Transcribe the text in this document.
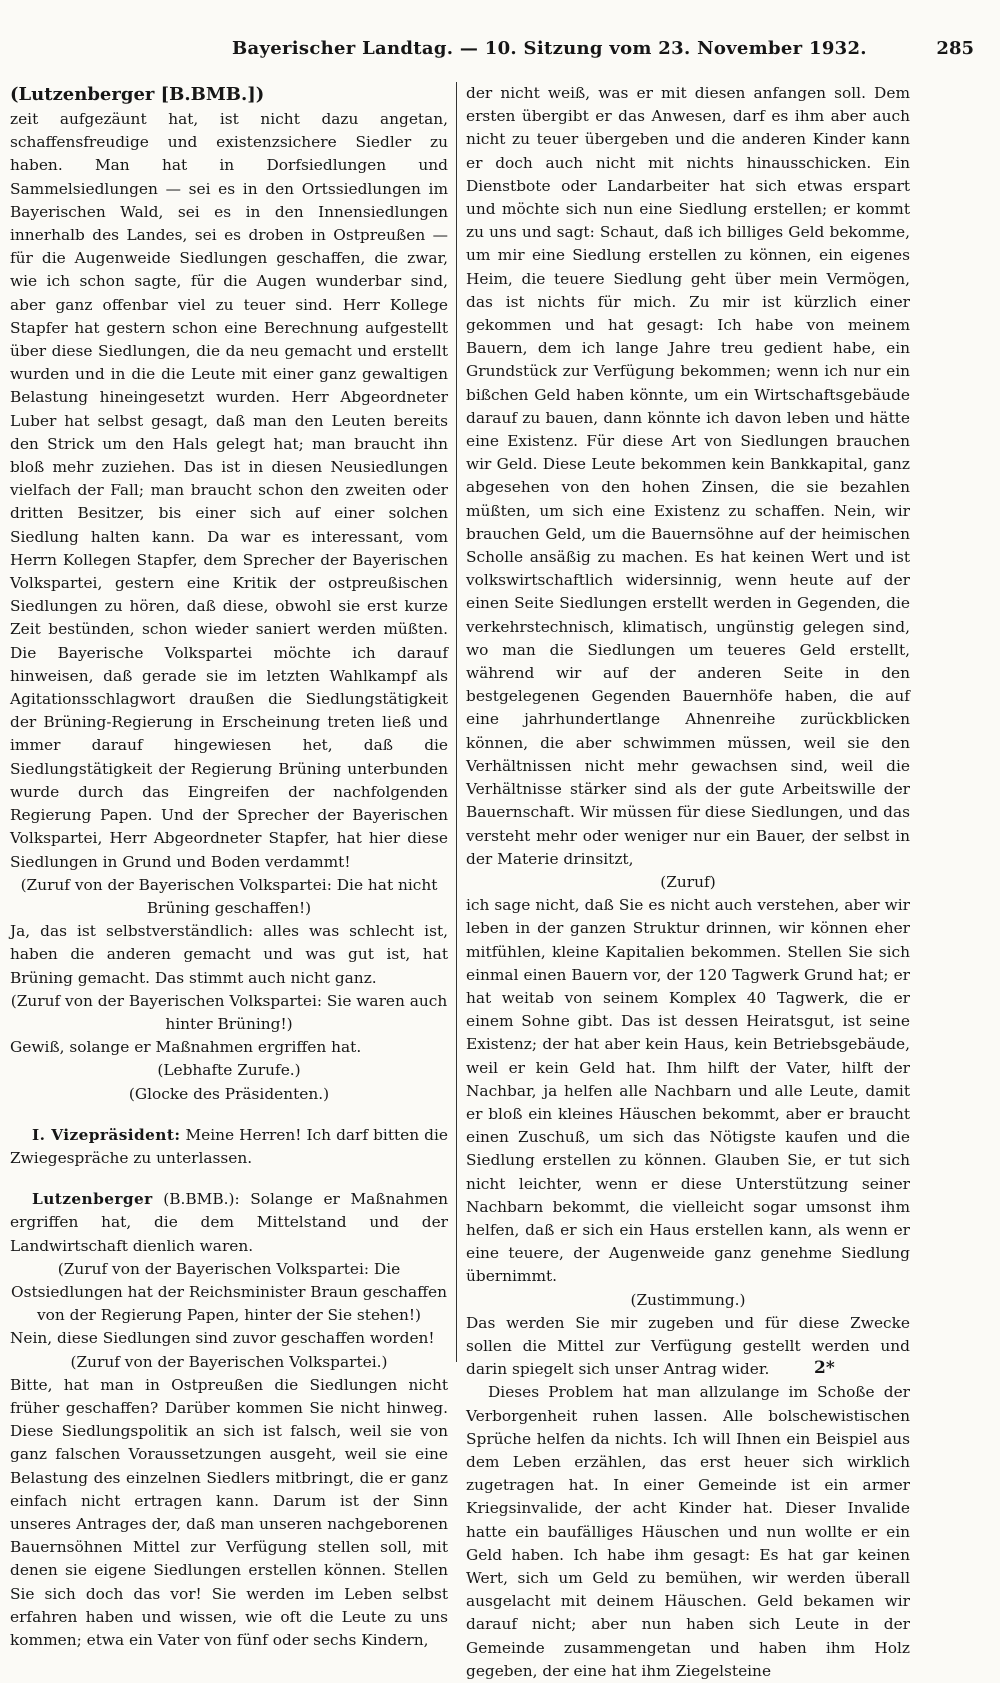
Bayerischer Landtag. — 10. Sitzung vom 23. November 1932.	285

(Lutzenberger [B.BMB.])

zeit aufgezäunt hat, ist nicht dazu angetan, schaffensfreudige und existenzsichere Siedler zu haben. Man hat in Dorfsiedlungen und Sammelsiedlungen — sei es in den Ortssiedlungen im Bayerischen Wald, sei es in den Innensiedlungen innerhalb des Landes, sei es droben in Ostpreußen — für die Augenweide Siedlungen geschaffen, die zwar, wie ich schon sagte, für die Augen wunderbar sind, aber ganz offenbar viel zu teuer sind. Herr Kollege Stapfer hat gestern schon eine Berechnung aufgestellt über diese Siedlungen, die da neu gemacht und erstellt wurden und in die die Leute mit einer ganz gewaltigen Belastung hineingesetzt wurden. Herr Abgeordneter Luber hat selbst gesagt, daß man den Leuten bereits den Strick um den Hals gelegt hat; man braucht ihn bloß mehr zuziehen. Das ist in diesen Neusiedlungen vielfach der Fall; man braucht schon den zweiten oder dritten Besitzer, bis einer sich auf einer solchen Siedlung halten kann. Da war es interessant, vom Herrn Kollegen Stapfer, dem Sprecher der Bayerischen Volkspartei, gestern eine Kritik der ostpreußischen Siedlungen zu hören, daß diese, obwohl sie erst kurze Zeit bestünden, schon wieder saniert werden müßten. Die Bayerische Volkspartei möchte ich darauf hinweisen, daß gerade sie im letzten Wahlkampf als Agitationsschlagwort draußen die Siedlungstätigkeit der Brüning-Regierung in Erscheinung treten ließ und immer darauf hingewiesen het, daß die Siedlungstätigkeit der Regierung Brüning unterbunden wurde durch das Eingreifen der nachfolgenden Regierung Papen. Und der Sprecher der Bayerischen Volkspartei, Herr Abgeordneter Stapfer, hat hier diese Siedlungen in Grund und Boden verdammt!

(Zuruf von der Bayerischen Volkspartei: Die hat nicht Brüning geschaffen!)

Ja, das ist selbstverständlich: alles was schlecht ist, haben die anderen gemacht und was gut ist, hat Brüning gemacht. Das stimmt auch nicht ganz.

(Zuruf von der Bayerischen Volkspartei: Sie waren auch hinter Brüning!)

Gewiß, solange er Maßnahmen ergriffen hat.

(Lebhafte Zurufe.)

(Glocke des Präsidenten.)

I. Vizepräsident: Meine Herren! Ich darf bitten die Zwiegespräche zu unterlassen.

Lutzenberger (B.BMB.): Solange er Maßnahmen ergriffen hat, die dem Mittelstand und der Landwirtschaft dienlich waren.

(Zuruf von der Bayerischen Volkspartei: Die Ostsiedlungen hat der Reichsminister Braun geschaffen von der Regierung Papen, hinter der Sie stehen!)

Nein, diese Siedlungen sind zuvor geschaffen worden!

(Zuruf von der Bayerischen Volkspartei.)

Bitte, hat man in Ostpreußen die Siedlungen nicht früher geschaffen? Darüber kommen Sie nicht hinweg. Diese Siedlungspolitik an sich ist falsch, weil sie von ganz falschen Voraussetzungen ausgeht, weil sie eine Belastung des einzelnen Siedlers mitbringt, die er ganz einfach nicht ertragen kann. Darum ist der Sinn unseres Antrages der, daß man unseren nachgeborenen Bauernsöhnen Mittel zur Verfügung stellen soll, mit denen sie eigene Siedlungen erstellen können. Stellen Sie sich doch das vor! Sie werden im Leben selbst erfahren haben und wissen, wie oft die Leute zu uns kommen; etwa ein Vater von fünf oder sechs Kindern,

der nicht weiß, was er mit diesen anfangen soll. Dem ersten übergibt er das Anwesen, darf es ihm aber auch nicht zu teuer übergeben und die anderen Kinder kann er doch auch nicht mit nichts hinausschicken. Ein Dienstbote oder Landarbeiter hat sich etwas erspart und möchte sich nun eine Siedlung erstellen; er kommt zu uns und sagt: Schaut, daß ich billiges Geld bekomme, um mir eine Siedlung erstellen zu können, ein eigenes Heim, die teuere Siedlung geht über mein Vermögen, das ist nichts für mich. Zu mir ist kürzlich einer gekommen und hat gesagt: Ich habe von meinem Bauern, dem ich lange Jahre treu gedient habe, ein Grundstück zur Verfügung bekommen; wenn ich nur ein bißchen Geld haben könnte, um ein Wirtschaftsgebäude darauf zu bauen, dann könnte ich davon leben und hätte eine Existenz. Für diese Art von Siedlungen brauchen wir Geld. Diese Leute bekommen kein Bankkapital, ganz abgesehen von den hohen Zinsen, die sie bezahlen müßten, um sich eine Existenz zu schaffen. Nein, wir brauchen Geld, um die Bauernsöhne auf der heimischen Scholle ansäßig zu machen. Es hat keinen Wert und ist volkswirtschaftlich widersinnig, wenn heute auf der einen Seite Siedlungen erstellt werden in Gegenden, die verkehrstechnisch, klimatisch, ungünstig gelegen sind, wo man die Siedlungen um teueres Geld erstellt, während wir auf der anderen Seite in den bestgelegenen Gegenden Bauernhöfe haben, die auf eine jahrhundertlange Ahnenreihe zurückblicken können, die aber schwimmen müssen, weil sie den Verhältnissen nicht mehr gewachsen sind, weil die Verhältnisse stärker sind als der gute Arbeitswille der Bauernschaft. Wir müssen für diese Siedlungen, und das versteht mehr oder weniger nur ein Bauer, der selbst in der Materie drinsitzt,

(Zuruf)

ich sage nicht, daß Sie es nicht auch verstehen, aber wir leben in der ganzen Struktur drinnen, wir können eher mitfühlen, kleine Kapitalien bekommen. Stellen Sie sich einmal einen Bauern vor, der 120 Tagwerk Grund hat; er hat weitab von seinem Komplex 40 Tagwerk, die er einem Sohne gibt. Das ist dessen Heiratsgut, ist seine Existenz; der hat aber kein Haus, kein Betriebsgebäude, weil er kein Geld hat. Ihm hilft der Vater, hilft der Nachbar, ja helfen alle Nachbarn und alle Leute, damit er bloß ein kleines Häuschen bekommt, aber er braucht einen Zuschuß, um sich das Nötigste kaufen und die Siedlung erstellen zu können. Glauben Sie, er tut sich nicht leichter, wenn er diese Unterstützung seiner Nachbarn bekommt, die vielleicht sogar umsonst ihm helfen, daß er sich ein Haus erstellen kann, als wenn er eine teuere, der Augenweide ganz genehme Siedlung übernimmt.

(Zustimmung.)

Das werden Sie mir zugeben und für diese Zwecke sollen die Mittel zur Verfügung gestellt werden und darin spiegelt sich unser Antrag wider.

Dieses Problem hat man allzulange im Schoße der Verborgenheit ruhen lassen. Alle bolschewistischen Sprüche helfen da nichts. Ich will Ihnen ein Beispiel aus dem Leben erzählen, das erst heuer sich wirklich zugetragen hat. In einer Gemeinde ist ein armer Kriegsinvalide, der acht Kinder hat. Dieser Invalide hatte ein baufälliges Häuschen und nun wollte er ein Geld haben. Ich habe ihm gesagt: Es hat gar keinen Wert, sich um Geld zu bemühen, wir werden überall ausgelacht mit deinem Häuschen. Geld bekamen wir darauf nicht; aber nun haben sich Leute in der Gemeinde zusammengetan und haben ihm Holz gegeben, der eine hat ihm Ziegelsteine

2*
